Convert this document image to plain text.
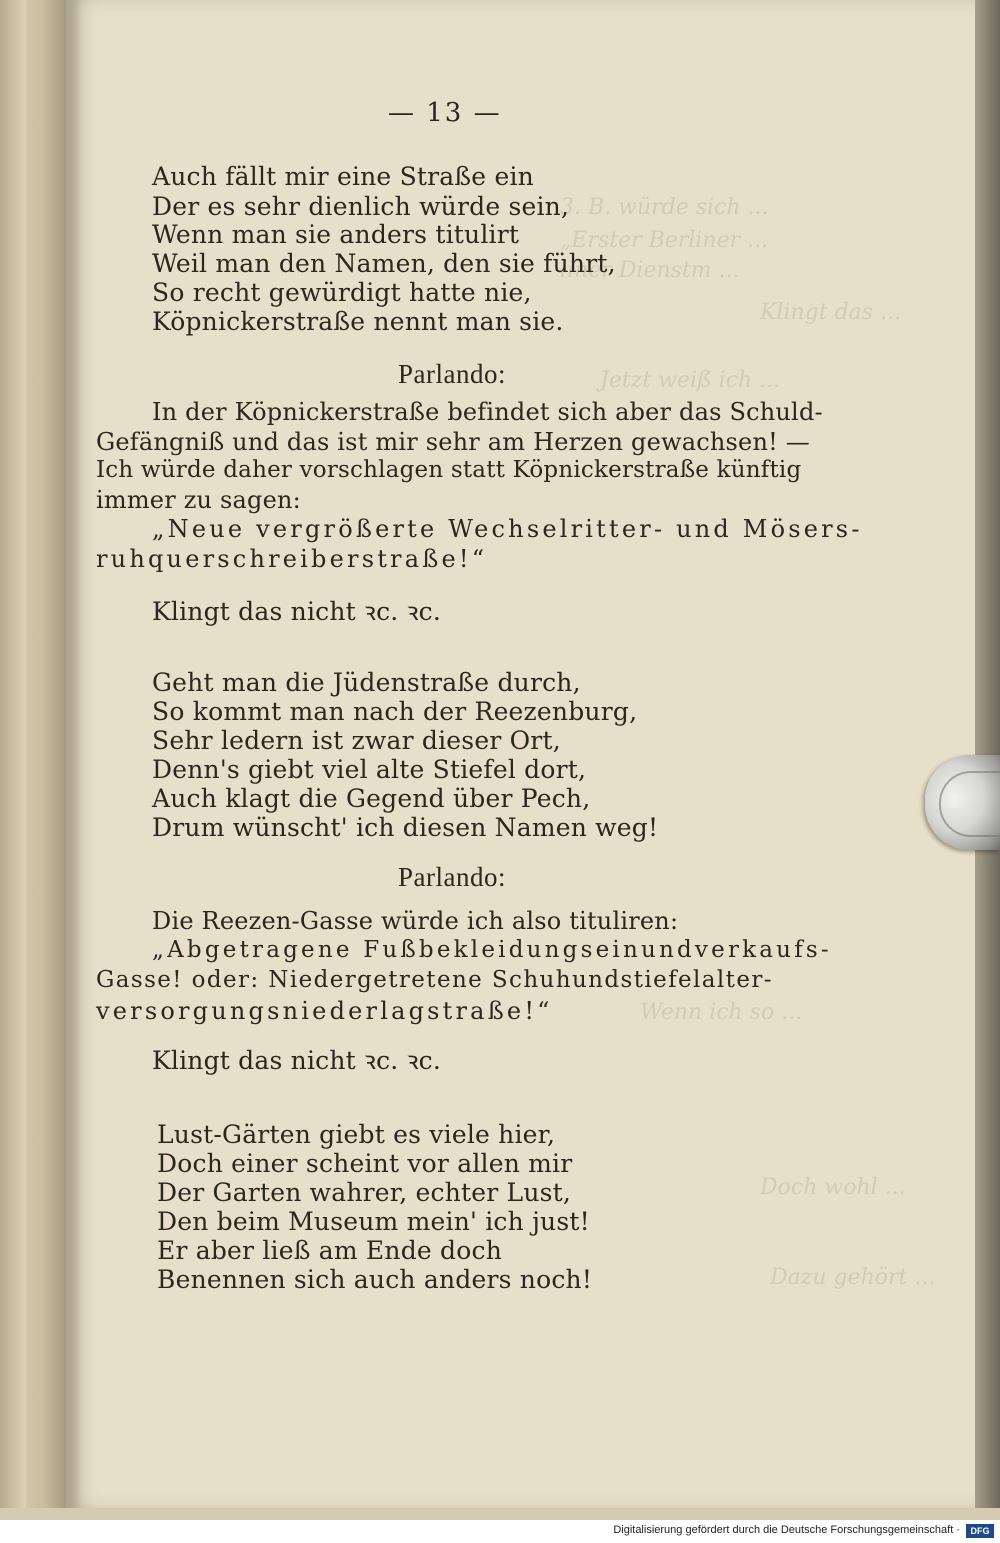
3. B. würde sich ...
„Erster Berliner ...
liner Dienstm ...
Klingt das ...
Jetzt weiß ich ...
Wenn ich so ...
Doch wohl ...
Dazu gehört ...
— 13 —
Auch fällt mir eine Straße ein
Der es sehr dienlich würde sein,
Wenn man sie anders titulirt
Weil man den Namen, den sie führt,
So recht gewürdigt hatte nie,
Köpnickerstraße nennt man sie.
Parlando:
In der Köpnickerstraße befindet sich aber das Schuld-
Gefängniß und das ist mir sehr am Herzen gewachsen! —
Ich würde daher vorschlagen statt Köpnickerstraße künftig
immer zu sagen:
„Neue vergrößerte Wechselritter- und Mösers-
ruhquerschreiberstraße!“
Klingt das nicht ꝛc. ꝛc.
Geht man die Jüdenstraße durch,
So kommt man nach der Reezenburg,
Sehr ledern ist zwar dieser Ort,
Denn's giebt viel alte Stiefel dort,
Auch klagt die Gegend über Pech,
Drum wünscht' ich diesen Namen weg!
Parlando:
Die Reezen-Gasse würde ich also tituliren:
„Abgetragene Fußbekleidungseinundverkaufs-
Gasse! oder: Niedergetretene Schuhundstiefelalter-
versorgungsniederlagstraße!“
Klingt das nicht ꝛc. ꝛc.
Lust-Gärten giebt es viele hier,
Doch einer scheint vor allen mir
Der Garten wahrer, echter Lust,
Den beim Museum mein' ich just!
Er aber ließ am Ende doch
Benennen sich auch anders noch!
Digitalisierung gefördert durch die Deutsche Forschungsgemeinschaft ·	DFG
